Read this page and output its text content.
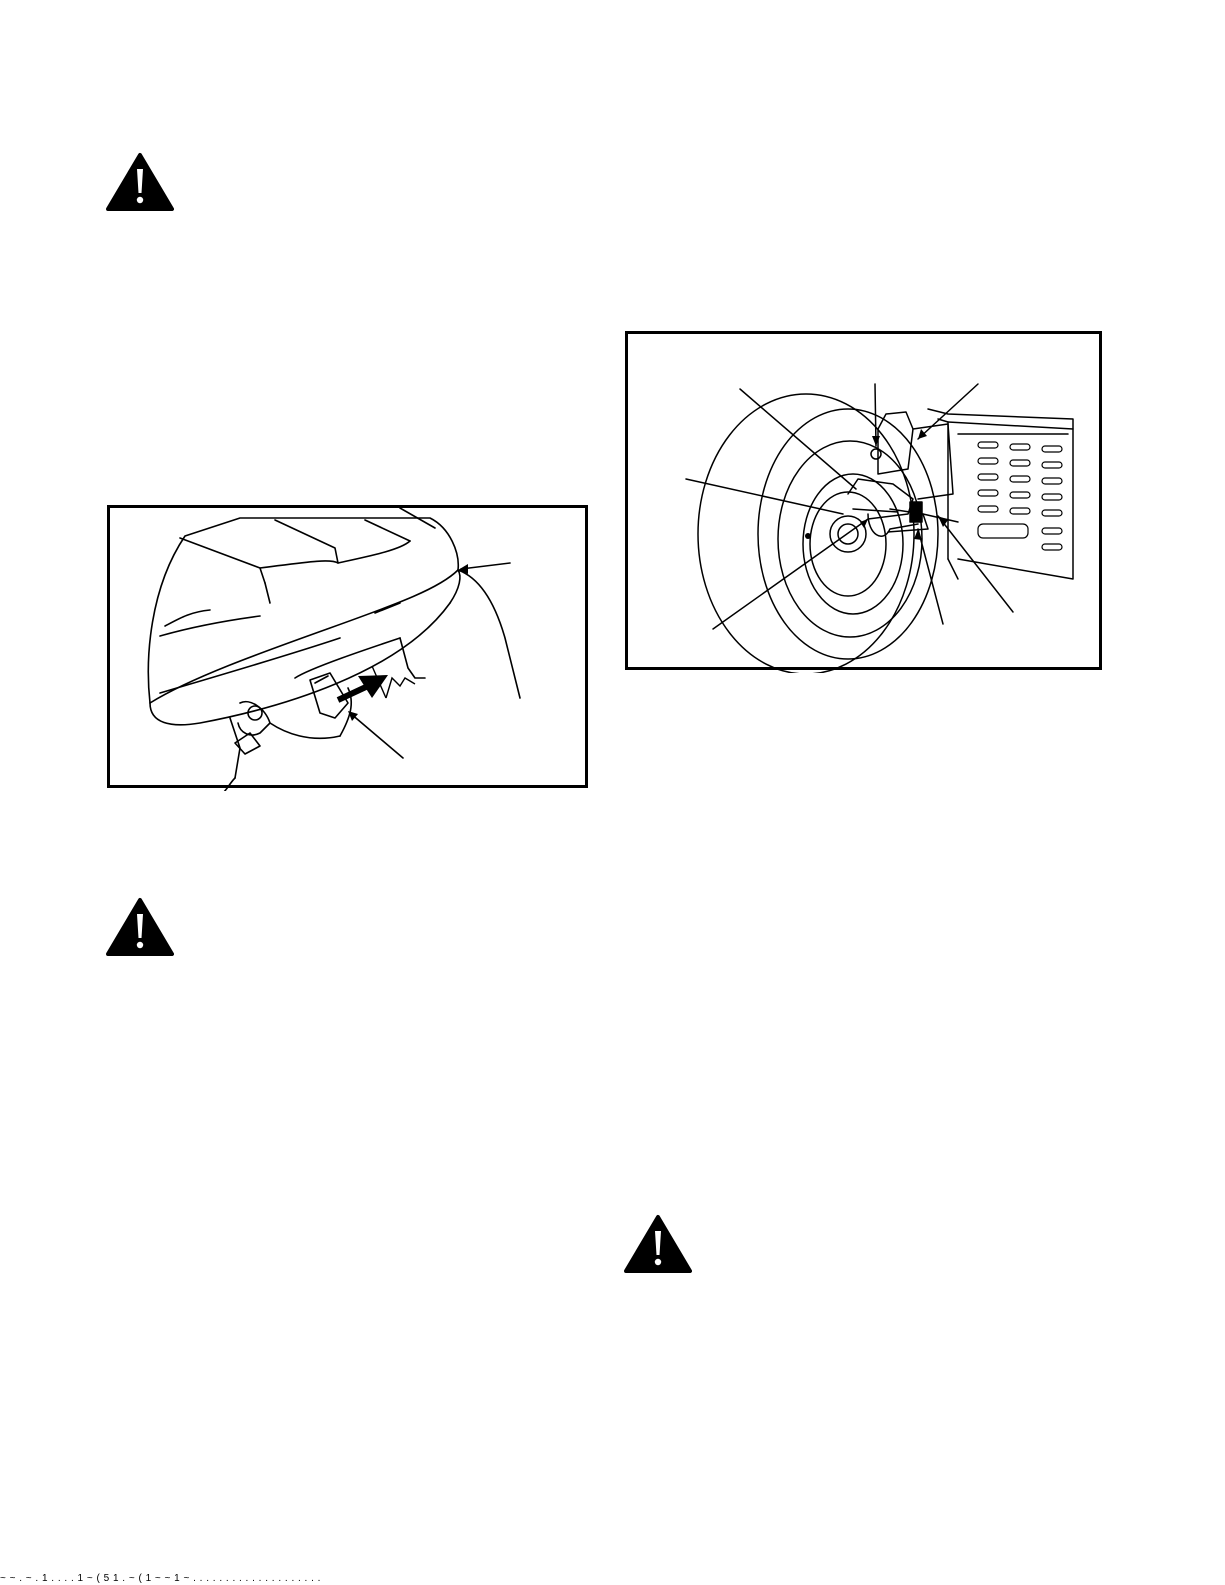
~ ~ . ~ . 1 . . . . 1 ~ ( 5 1 . ~ ( 1 ~ ~ 1 ~ . . . . . . . . . . . . . . . . . . . .
